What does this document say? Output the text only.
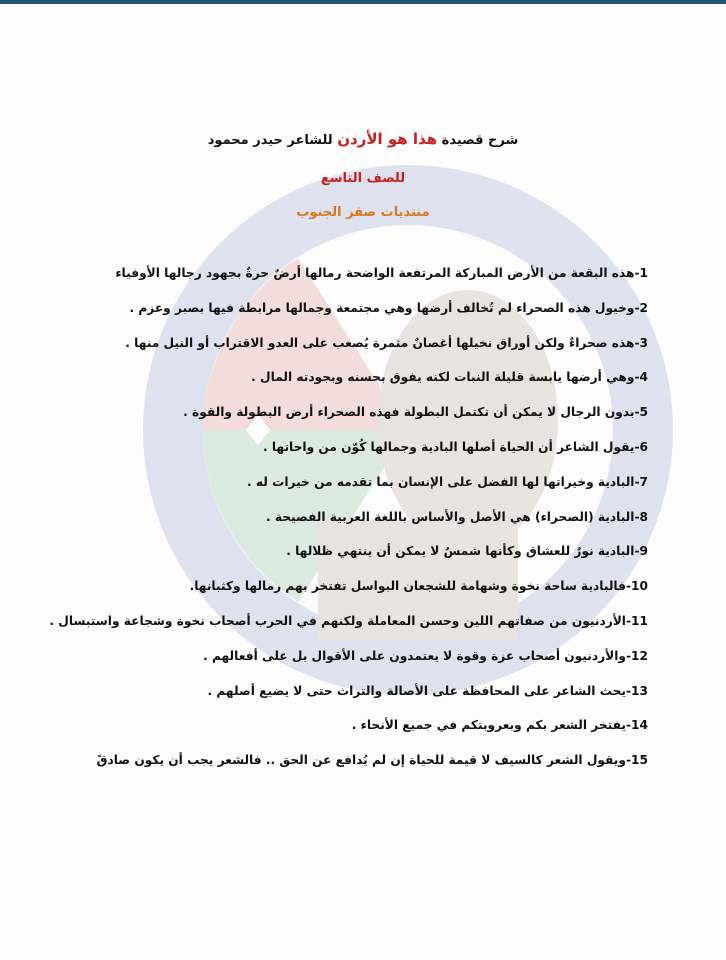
شرح قصيدة هذا هو الأردن للشاعر حيدر محمود
للصف التاسع
منتديات صقر الجنوب
-1هذه البقعة من الأرض المباركة المرتفعة الواضحة رمالها أرضٌ حرةٌ بجهود رجالها الأوفياء
-2وخيول هذه الصحراء لم تُخالف أرضها وهي مجتمعة وجمالها مرابطة فيها بصبر وعزم .
-3هذه صحراءٌ ولكن أوراق نخيلها أغصانٌ مثمرة يُصعب على العدو الاقتراب أو النيل منها .
-4وهي أرضها يابسة قليلة النبات لكنه يفوق بحسنه وبجودته المال .
-5بدون الرجال لا يمكن أن تكتمل البطولة فهذه الصحراء أرض البطولة والقوة .
-6يقول الشاعر أن الحياة أصلها البادية وجمالها كُوّن من واحاتها .
-7البادية وخيراتها لها الفضل على الإنسان بما تقدمه من خيرات له .
-8البادية (الصحراء) هي الأصل والأساس باللغة العربية الفصيحة .
-9البادية نورٌ للعشاق وكأنها شمسٌ لا يمكن أن ينتهي ظلالها .
-10فالبادية ساحة نخوة وشهامة للشجعان البواسل تفتخر بهم رمالها وكثبانها.
-11الأردنيون من صفاتهم اللين وحسن المعاملة ولكنهم في الحرب أصحاب نخوة وشجاعة واستبسال .
-12والأردنيون أصحاب عزة وقوة لا يعتمدون على الأقوال بل على أفعالهم .
-13يحث الشاعر على المحافظة على الأصالة والتراث حتى لا يضيع أصلهم .
-14يفتخر الشعر بكم وبعروبتكم في جميع الأنحاء .
-15ويقول الشعر كالسيف لا قيمة للحياة إن لم يُدافع عن الحق .. فالشعر يجب أن يكون صادقً
